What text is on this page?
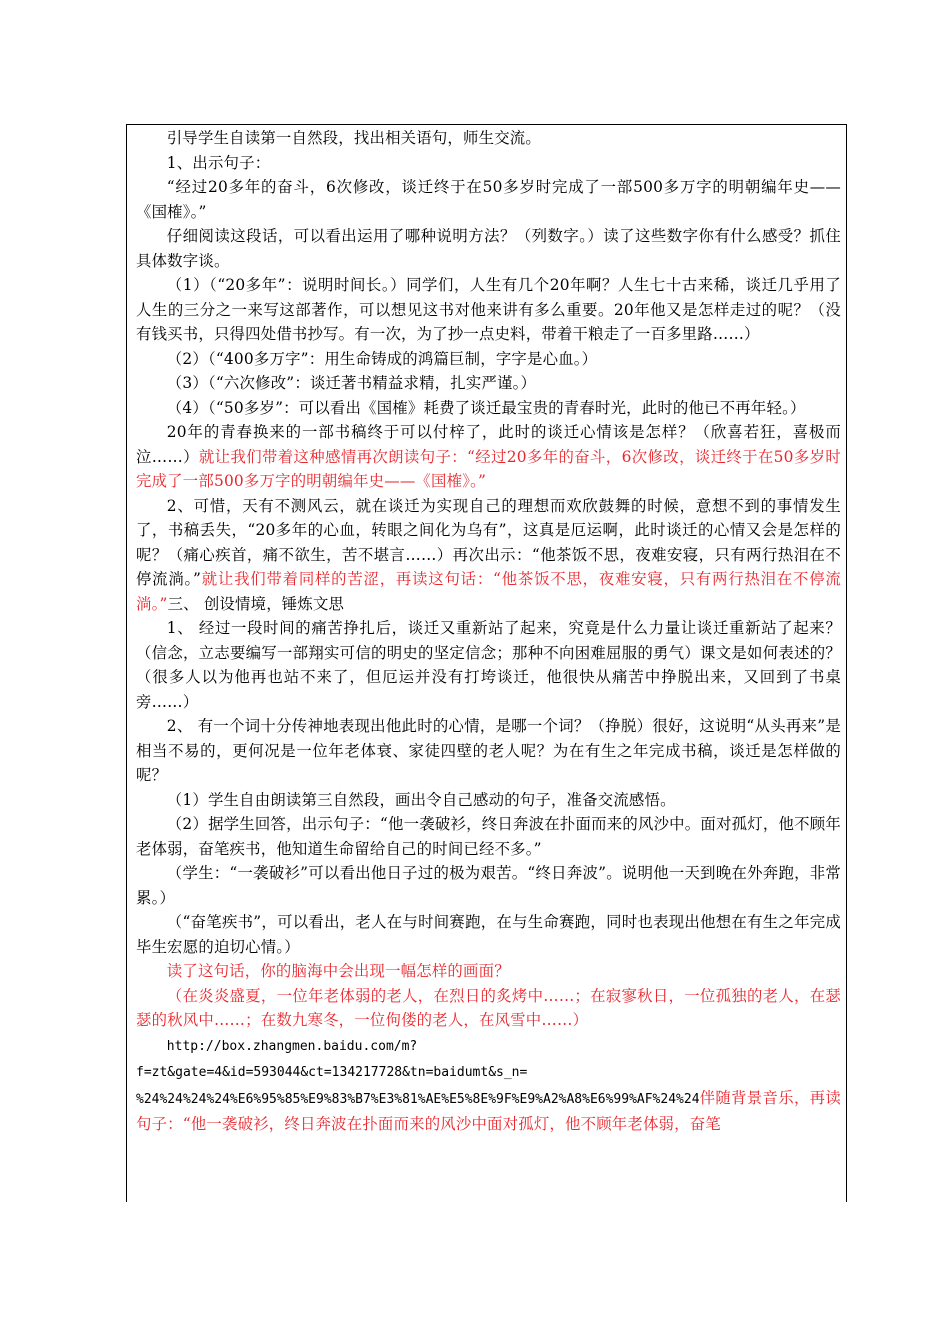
引导学生自读第一自然段，找出相关语句，师生交流。

1、出示句子：

“经过20多年的奋斗，6次修改，谈迁终于在50多岁时完成了一部500多万字的明朝编年史——《国榷》。”

仔细阅读这段话，可以看出运用了哪种说明方法？（列数字。）读了这些数字你有什么感受？抓住具体数字谈。

（1）（“20多年”：说明时间长。）同学们，人生有几个20年啊？人生七十古来稀，谈迁几乎用了人生的三分之一来写这部著作，可以想见这书对他来讲有多么重要。20年他又是怎样走过的呢？（没有钱买书，只得四处借书抄写。有一次，为了抄一点史料，带着干粮走了一百多里路……）

（2）（“400多万字”：用生命铸成的鸿篇巨制，字字是心血。）

（3）（“六次修改”：谈迁著书精益求精，扎实严谨。）

（4）（“50多岁”：可以看出《国榷》耗费了谈迁最宝贵的青春时光，此时的他已不再年轻。）

20年的青春换来的一部书稿终于可以付梓了，此时的谈迁心情该是怎样？（欣喜若狂，喜极而泣……）就让我们带着这种感情再次朗读句子：“经过20多年的奋斗，6次修改，谈迁终于在50多岁时完成了一部500多万字的明朝编年史——《国榷》。”

2、可惜，天有不测风云，就在谈迁为实现自己的理想而欢欣鼓舞的时候，意想不到的事情发生了，书稿丢失，“20多年的心血，转眼之间化为乌有”，这真是厄运啊，此时谈迁的心情又会是怎样的呢？（痛心疾首，痛不欲生，苦不堪言……）再次出示：“他茶饭不思，夜难安寝，只有两行热泪在不停流淌。”就让我们带着同样的苦涩，再读这句话：“他茶饭不思，夜难安寝，只有两行热泪在不停流淌。”三、 创设情境，锤炼文思

1、 经过一段时间的痛苦挣扎后，谈迁又重新站了起来，究竟是什么力量让谈迁重新站了起来？（信念，立志要编写一部翔实可信的明史的坚定信念；那种不向困难屈服的勇气）课文是如何表述的？（很多人以为他再也站不来了，但厄运并没有打垮谈迁，他很快从痛苦中挣脱出来，又回到了书桌旁……）

2、 有一个词十分传神地表现出他此时的心情，是哪一个词？（挣脱）很好，这说明“从头再来”是相当不易的，更何况是一位年老体衰、家徒四壁的老人呢？为在有生之年完成书稿，谈迁是怎样做的呢？

（1）学生自由朗读第三自然段，画出令自己感动的句子，准备交流感悟。

（2）据学生回答，出示句子：“他一袭破衫，终日奔波在扑面而来的风沙中。面对孤灯，他不顾年老体弱，奋笔疾书，他知道生命留给自己的时间已经不多。”

（学生：“一袭破衫”可以看出他日子过的极为艰苦。“终日奔波”。说明他一天到晚在外奔跑，非常累。）

（“奋笔疾书”，可以看出，老人在与时间赛跑，在与生命赛跑，同时也表现出他想在有生之年完成毕生宏愿的迫切心情。）

读了这句话，你的脑海中会出现一幅怎样的画面？

（在炎炎盛夏，一位年老体弱的老人，在烈日的炙烤中……；在寂寥秋日，一位孤独的老人，在瑟瑟的秋风中……；在数九寒冬，一位佝偻的老人，在风雪中……）

http://box.zhangmen.baidu.com/m?

f=zt&gate=4&id=593044&ct=134217728&tn=baidumt&s_n=

%24%24%24%24%E6%95%85%E9%83%B7%E3%81%AE%E5%8E%9F%E9%A2%A8%E6%99%AF%24%24伴随背景音乐，再读句子：“他一袭破衫，终日奔波在扑面而来的风沙中面对孤灯，他不顾年老体弱，奋笔
